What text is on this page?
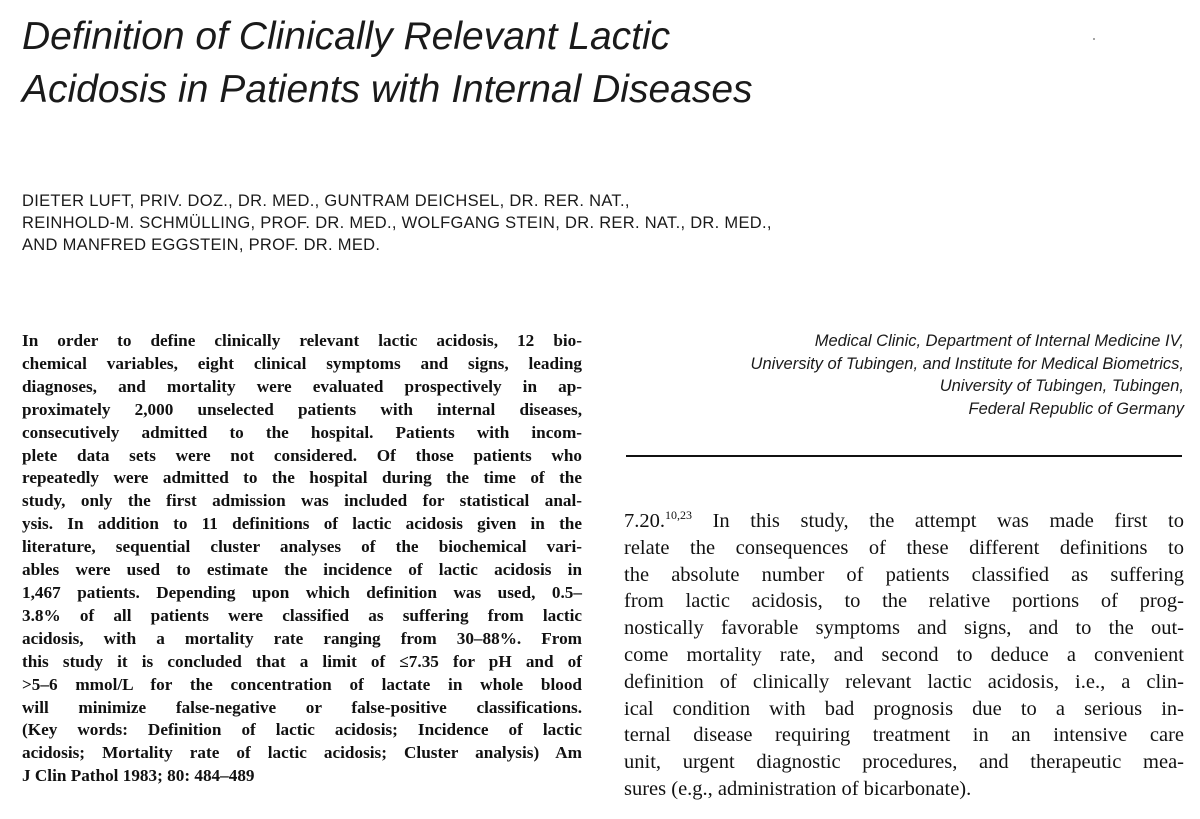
Definition of Clinically Relevant Lactic
Acidosis in Patients with Internal Diseases
DIETER LUFT, PRIV. DOZ., DR. MED., GUNTRAM DEICHSEL, DR. RER. NAT.,
REINHOLD-M. SCHMÜLLING, PROF. DR. MED., WOLFGANG STEIN, DR. RER. NAT., DR. MED.,
AND MANFRED EGGSTEIN, PROF. DR. MED.
In order to define clinically relevant lactic acidosis, 12 bio-
chemical variables, eight clinical symptoms and signs, leading
diagnoses, and mortality were evaluated prospectively in ap-
proximately 2,000 unselected patients with internal diseases,
consecutively admitted to the hospital. Patients with incom-
plete data sets were not considered. Of those patients who
repeatedly were admitted to the hospital during the time of the
study, only the first admission was included for statistical anal-
ysis. In addition to 11 definitions of lactic acidosis given in the
literature, sequential cluster analyses of the biochemical vari-
ables were used to estimate the incidence of lactic acidosis in
1,467 patients. Depending upon which definition was used, 0.5–
3.8% of all patients were classified as suffering from lactic
acidosis, with a mortality rate ranging from 30–88%. From
this study it is concluded that a limit of ≤7.35 for pH and of
>5–6 mmol/L for the concentration of lactate in whole blood
will minimize false-negative or false-positive classifications.
(Key words: Definition of lactic acidosis; Incidence of lactic
acidosis; Mortality rate of lactic acidosis; Cluster analysis) Am
J Clin Pathol 1983; 80: 484–489
Medical Clinic, Department of Internal Medicine IV,
University of Tubingen, and Institute for Medical Biometrics,
University of Tubingen, Tubingen,
Federal Republic of Germany
7.20.$^{10,23}$ In this study, the attempt was made first to
relate the consequences of these different definitions to
the absolute number of patients classified as suffering
from lactic acidosis, to the relative portions of prog-
nostically favorable symptoms and signs, and to the out-
come mortality rate, and second to deduce a convenient
definition of clinically relevant lactic acidosis, i.e., a clin-
ical condition with bad prognosis due to a serious in-
ternal disease requiring treatment in an intensive care
unit, urgent diagnostic procedures, and therapeutic mea-
sures (e.g., administration of bicarbonate).
